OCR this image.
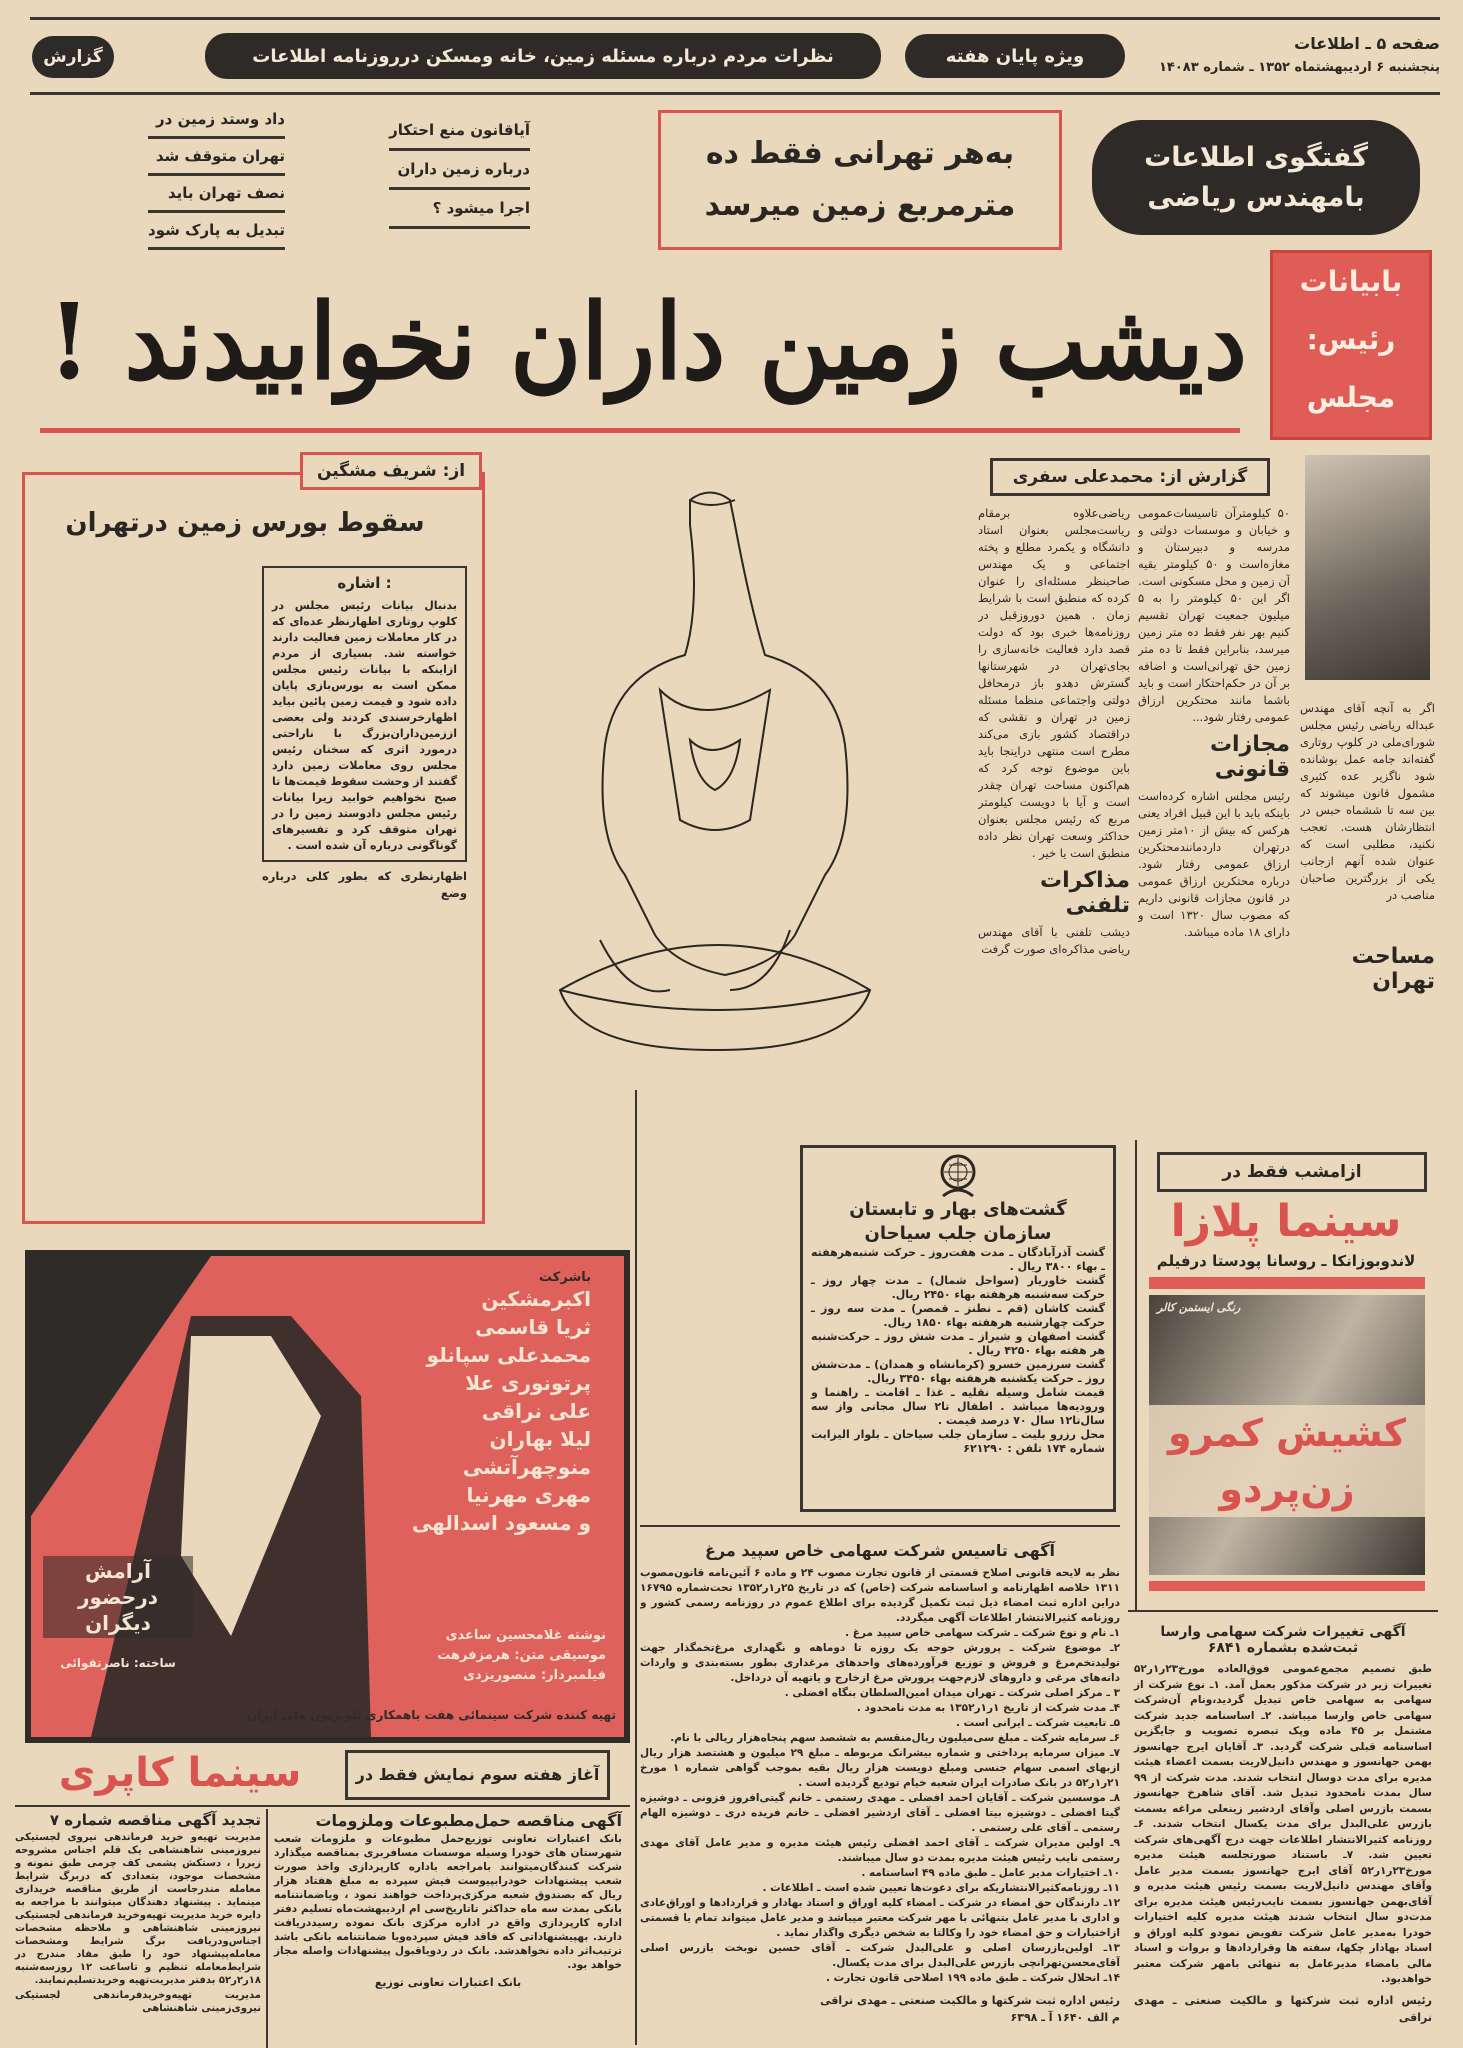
صفحه ۵ ـ اطلاعات
پنجشنبه ۶ اردیبهشتماه ۱۳۵۲ ـ شماره ۱۴۰۸۳
ویژه پایان هفته
نظرات مردم درباره مسئله زمین، خانه ومسکن درروزنامه اطلاعات
گزارش
گفتگوی اطلاعات بامهندس ریاضی
به‌هر تهرانی فقط ده
مترمربع زمین میرسد
آیاقانون منع احتکار
درباره زمین داران
اجرا میشود ؟
داد وستد زمین در
تهران متوقف شد
نصف تهران باید
تبدیل به پارک شود
بابیانات
رئیس:
مجلس
دیشب زمین داران نخوابیدند !
از: شریف مشگین
سقوط بورس زمین درتهران
اشاره :
بدنبال بیانات رئیس مجلس در کلوپ روتاری اظهارنظر عده‌ای که در کار معاملات زمین فعالیت دارند خواسته شد. بسیاری از مردم ازاینکه با بیانات رئیس مجلس ممکن است به بورس‌بازی پایان داده شود و قیمت زمین پائین بیاید اظهارخرسندی کردند ولی بعضی اززمین‌داران‌بزرگ با ناراحتی درمورد اثری که سخنان رئیس مجلس روی معاملات زمین دارد گفتند از وحشت سقوط قیمت‌ها تا صبح نخواهیم خوابید زیرا بیانات رئیس مجلس دادوستد زمین را در تهران متوقف کرد و تفسیرهای گوناگونی درباره آن شده است .
اظهارنظری که بطور کلی درباره وضع
گزارش از: محمدعلی سفری
۵۰ کیلومترآن تاسیسات‌عمومی و خیابان و موسسات دولتی و مدرسه و دبیرستان و مغازه‌است و ۵۰ کیلومتر بقیه آن زمین و محل مسکونی است. اگر این ۵۰ کیلومتر را به ۵ میلیون جمعیت تهران تقسیم کنیم بهر نفر فقط ده متر زمین میرسد، بنابراین فقط تا ده متر زمین حق تهرانی‌است و اضافه بر آن در حکم‌احتکار است و باید باشما مانند محتکرین ارزاق عمومی رفتار شود...
مجازات قانونی
رئیس مجلس اشاره کرده‌است باینکه باید با این قبیل افراد یعنی هرکس که بیش از ۱۰متر زمین درتهران داردمانندمحتکرین ارزاق عمومی رفتار شود. درباره محتکرین ارزاق عمومی در قانون مجازات قانونی داریم که مصوب سال ۱۳۲۰ است و دارای ۱۸ ماده میباشد.
ریاضی‌علاوه برمقام ریاست‌مجلس بعنوان استاد دانشگاه و یکمرد مطلع و پخته اجتماعی و یک مهندس صاحبنظر مسئله‌ای را عنوان کرده که منطبق است با شرایط زمان . همین دوروزقبل در روزنامه‌ها خبری بود که دولت قصد دارد فعالیت خانه‌سازی را بجای‌تهران در شهرستانها گسترش دهدو باز درمحافل دولتی واجتماعی منظما مسئله زمین در تهران و نقشی که دراقتصاد کشور بازی می‌کند مطرح است منتهی دراینجا باید باین موضوع توجه کرد که هم‌اکنون مساحت تهران چقدر است و آیا با دویست کیلومتر مربع که رئیس مجلس بعنوان حداکثر وسعت تهران نظر داده منطبق است یا خیر .
مذاکرات تلفنی
دیشب تلفنی با آقای مهندس ریاضی مذاکره‌ای صورت گرفت
اگر به آنچه آقای مهندس عبداله ریاضی رئیس مجلس شورای‌ملی در کلوپ روتاری گفته‌اند جامه عمل بوشانده شود ناگزیر عده کثیری مشمول قانون میشوند که بین سه تا ششماه حبس در انتظارشان هست. تعجب نکنید، مطلبی است که عنوان شده آنهم ازجانب یکی از بزرگترین صاحبان مناصب در
مساحت تهران
باشرکت
اکبرمشکین
ثریا قاسمی
محمدعلی سپانلو
پرتونوری علا
علی نراقی
لیلا بهاران
منوچهرآتشی
مهری مهرنیا
و مسعود اسدالهی
نوشته غلامحسین ساعدی
موسیقی متن: هرمزفرهت
فیلمبردار: منصوریزدی
تهیه کننده شرکت سینمائی هفت باهمکاری تلویزیون ملی ایران
آرامش درحضور دیگران
ساخته: ناصرتقوائی
گشت‌های بهار و تابستان
سازمان جلب سیاحان
گشت آذرآبادگان ـ مدت هفت‌روز ـ حرکت شنبه‌هرهفته ـ بهاء ۳۸۰۰ ریال .
گشت خاوریار (سواحل شمال) ـ مدت چهار روز ـ حرکت سه‌شنبه هرهفته بهاء ۲۴۵۰ ریال.
گشت کاشان (قم ـ نطنز ـ قمصر) ـ مدت سه روز ـ حرکت چهارشنبه هرهفته بهاء ۱۸۵۰ ریال.
گشت اصفهان و شیراز ـ مدت شش روز ـ حرکت‌شنبه هر هفته بهاء ۴۲۵۰ ریال .
گشت سرزمین خسرو (کرمانشاه و همدان) ـ مدت‌شش روز ـ حرکت یکشنبه هرهفته بهاء ۳۴۵۰ ریال.
قیمت شامل وسیله نقلیه ـ غذا ـ اقامت ـ راهنما و ورودیه‌ها میباشد . اطفال تا۲ سال مجانی واز سه سال‌تا۱۲ سال ۷۰ درصد قیمت .
محل رزرو بلیت ـ سازمان جلب سیاحان ـ بلوار الیزابت شماره ۱۷۴ تلفن : ۶۲۱۲۹۰
ازامشب فقط در
سینما پلازا
لاندوبوزانکا ـ روسانا پودستا درفیلم
کشیش کمرو
زن‌پردو
رنگی ایستمن کالر
آگهی تاسیس شرکت سهامی خاص سپید مرغ
نظر به لایحه قانونی اصلاح قسمتی از قانون تجارت مصوب ۲۴ و ماده ۶ آئین‌نامه قانون‌مصوب ۱۳۱۱ خلاصه اظهارنامه و اساسنامه شرکت (خاص) که در تاریخ ۲۵ر۱ر۱۳۵۲ تحت‌شماره ۱۶۷۹۵ دراین اداره ثبت امضاء ذیل ثبت تکمیل گردیده برای اطلاع عموم در روزنامه رسمی کشور و روزنامه کثیرالانتشار اطلاعات آگهی میگردد.
۱ـ نام و نوع شرکت ـ شرکت سهامی خاص سپید مرغ .
۲ـ موضوع شرکت ـ پرورش جوجه یک روزه تا دوماهه و نگهداری مرغ‌تخمگذار جهت تولیدتخم‌مرغ و فروش و توزیع فرآورده‌های واحدهای مرغداری بطور بسته‌بندی و واردات دانه‌های مرغی و داروهای لازم‌جهت پرورش مرغ ازخارج و یاتهیه آن درداخل.
۳ ـ مرکز اصلی شرکت ـ تهران میدان امین‌السلطان بنگاه افضلی .
۴ـ مدت شرکت از تاریخ ۱ر۱ر۱۳۵۲ به مدت نامحدود .
۵ـ تابعیت شرکت ـ ایرانی است .
۶ـ سرمایه شرکت ـ مبلغ سی‌میلیون ریال‌منقسم به ششصد سهم پنجاه‌هزار ریالی با نام.
۷ـ میزان سرمایه پرداختی و شماره بیشرانک مربوطه ـ مبلغ ۲۹ میلیون و هشتصد هزار ریال ازبهای اسمی سهام جنسی ومبلغ دویست هزار ریال بقیه بموجب گواهی شماره ۱ مورخ ۲۱ر۱ر۵۲ در بانک صادرات ایران شعبه خیام تودیع گردیده است .
۸ـ موسسین شرکت ـ آقایان احمد افضلی ـ مهدی رستمی ـ خانم گیتی‌افروز فزونی ـ دوشیزه گیتا افضلی ـ دوشیزه بیتا افضلی ـ آقای اردشیر افضلی ـ خانم فریده دری ـ دوشیزه الهام رستمی ـ آقای علی رستمی .
۹ـ اولین مدیران شرکت ـ آقای احمد افضلی رئیس هیئت مدیره و مدیر عامل آقای مهدی رستمی نایب رئیس هیئت مدیره بمدت دو سال میباشند.
۱۰ـ اختیارات مدیر عامل ـ طبق ماده ۴۹ اساسنامه .
۱۱ـ روزنامه‌کثیرالانتشاریکه برای دعوت‌ها تعیین شده است ـ اطلاعات .
۱۲ـ دارندگان حق امضاء در شرکت ـ امضاء کلیه اوراق و اسناد بهادار و قراردادها و اوراق‌عادی و اداری با مدیر عامل بتنهائی با مهر شرکت معتبر میباشد و مدیر عامل میتواند تمام یا قسمتی ازاختیارات و حق امضاء خود را وکالتا به شخص دیگری واگذار نماید .
۱۳ـ اولین‌بازرسان اصلی و علی‌البدل شرکت ـ آقای حسین نوبخت بازرس اصلی آقای‌محسن‌تهرانچی بازرس علی‌البدل برای مدت یکسال.
۱۴ـ انحلال شرکت ـ طبق ماده ۱۹۹ اصلاحی قانون تجارت .
رئیس اداره ثبت شرکتها و مالکیت صنعتی ـ مهدی نراقی
م الف ۱۶۴۰ آ ـ ۶۳۹۸
آگهی تغییرات شرکت سهامی وارسا ثبت‌شده بشماره ۶۸۴۱
طبق تصمیم مجمع‌عمومی فوق‌العاده مورخ۲۳ر۱ر۵۲ تغییرات زیر در شرکت مذکور بعمل آمد. ۱ـ نوع شرکت از سهامی به سهامی خاص تبدیل گردید،ونام آن‌شرکت سهامی خاص وارسا میباشد. ۲ـ اساسنامه جدید شرکت مشتمل بر ۴۵ ماده وپک تبصره تصویب و جایگزین اساسنامه قبلی شرکت گردید. ۳ـ آقایان ایرج جهانسوز بهمن جهانسوز و مهندس دانیل‌لاریت بسمت اعضاء هیئت مدیره برای مدت دوسال انتخاب شدند. مدت شرکت از ۹۹ سال بمدت نامحدود تبدیل شد. آقای شاهرخ جهانسوز بسمت بازرس اصلی وآقای اردشیر زینعلی مراغه بسمت بازرس علی‌البدل برای مدت یکسال انتخاب شدند. ۶ـ روزنامه کثیرالانتشار اطلاعات جهت درج آگهی‌های شرکت تعیین شد. ۷ـ باستناد صورتجلسه هیئت مدیره مورخ۲۳ر۱ر۵۲ آقای ایرج جهانسوز بسمت مدیر عامل وآقای مهندس دانیل‌لاریت بسمت رئیس هیئت مدیره و آقای‌بهمن جهانسوز بسمت نایب‌رئیس هیئت مدیره برای مدت‌دو سال انتخاب شدند هیئت مدیره کلیه اختیارات خودرا به‌مدیر عامل شرکت تفویض نمودو کلیه اوراق و اسناد بهادار چکها، سفته ها وقراردادها و بروات و اسناد مالی بامضاء مدیرعامل به تنهائی بامهر شرکت معتبر خواهدبود.
رئیس اداره ثبت شرکتها و مالکیت صنعتی ـ مهدی نراقی
آغاز هفته سوم نمایش فقط در
سینما کاپری
آگهی مناقصه حمل‌مطبوعات وملزومات
بانک اعتبارات تعاونی توزیع‌حمل مطبوعات و ملزومات شعب شهرستان های خودرا وسیله موسسات مسافربری بمناقصه میگذارد شرکت کنندگان‌میتوانند بامراجعه باداره کارپردازی واخذ صورت شعب پیشنهادات خودرابپیوست فیش سپرده به مبلغ هفتاد هزار ریال که بصندوق شعبه مرکزی‌پرداخت خواهند نمود ، ویاضمانتنامه بانکی بمدت سه ماه حداکثر تاتاریخ‌سی ام اردیبهشت‌ماه تسلیم دفتر اداره کارپردازی واقع در اداره مرکزی بانک نموده رسیددریافت دارند. بهپیشنهاداتی که فاقد فیش سپرده‌ویا ضمانتنامه بانکی باشد ترتیب‌اثر داده نخواهدشد. بانک در ردویاقبول پیشنهادات واصله مجاز خواهد بود.
بانک اعتبارات تعاونی توزیع
تجدید آگهی مناقصه شماره ۷
مدیریت تهیه‌و خرید فرماندهی نیروی لجستیکی نیروزمینی شاهنشاهی یک قلم اجناس مشروحه زیررا ، دستکش پشمی کف چرمی طبق نمونه و مشخصات موجود، بتعدادی که دربرگ شرایط معامله مندرجاست از طریق مناقصه خریداری مینماید . پیشنهاد دهندگان میتوانند با مراجعه به دایره خرید مدیریت تهیه‌وخرید فرماندهی لجستیکی نیروزمینی شاهنشاهی و ملاحظه مشخصات اجناس‌ودریافت برگ شرایط ومشخصات معامله‌پیشنهاد خود را طبق مفاد مندرج در شرایط‌معامله تنظیم و تاساعت ۱۲ روزسه‌شنبه ۱۸ر۲ر۵۲ بدفتر مدیریت‌تهیه وخریدتسلیم‌نمایند.
مدیریت تهیه‌وخریدفرماندهی لجستیکی نیروی‌زمینی شاهنشاهی
